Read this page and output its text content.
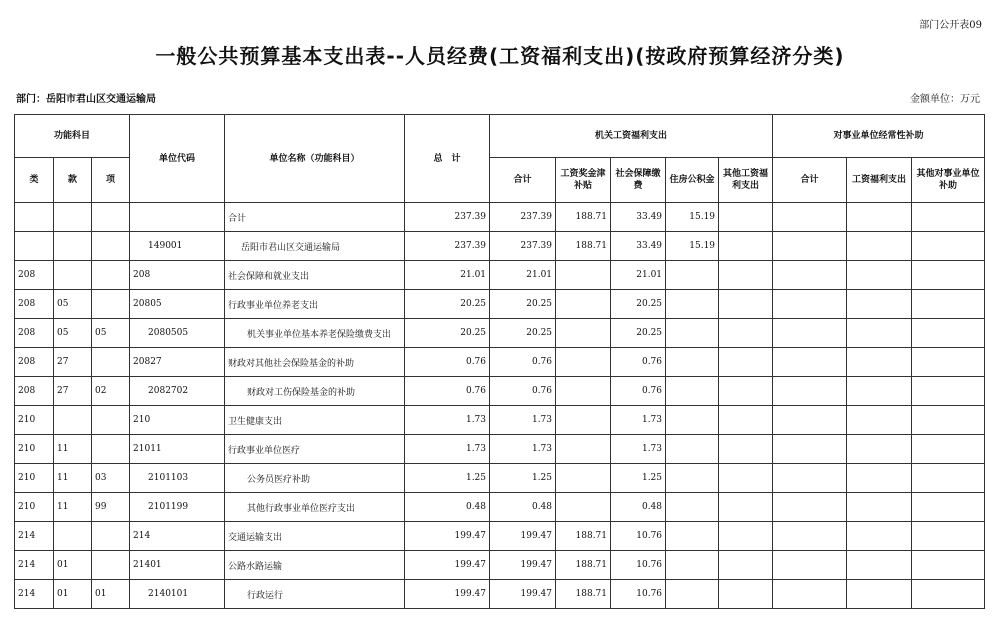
部门公开表09
一般公共预算基本支出表--人员经费(工资福利支出)(按政府预算经济分类)
部门：岳阳市君山区交通运输局	金额单位：万元
功能科目			单位代码	单位名称（功能科目）	总　计	机关工资福利支出					对事业单位经常性补助		
类	款	项				合计	工资奖金津补贴	社会保障缴费	住房公积金	其他工资福利支出	合计	工资福利支出	其他对事业单位补助
				合计	237.39	237.39	188.71	33.49	15.19				
			149001	岳阳市君山区交通运输局	237.39	237.39	188.71	33.49	15.19				
208			208	社会保障和就业支出	21.01	21.01		21.01					
208	05		20805	行政事业单位养老支出	20.25	20.25		20.25					
208	05	05	2080505	机关事业单位基本养老保险缴费支出	20.25	20.25		20.25					
208	27		20827	财政对其他社会保险基金的补助	0.76	0.76		0.76					
208	27	02	2082702	财政对工伤保险基金的补助	0.76	0.76		0.76					
210			210	卫生健康支出	1.73	1.73		1.73					
210	11		21011	行政事业单位医疗	1.73	1.73		1.73					
210	11	03	2101103	公务员医疗补助	1.25	1.25		1.25					
210	11	99	2101199	其他行政事业单位医疗支出	0.48	0.48		0.48					
214			214	交通运输支出	199.47	199.47	188.71	10.76					
214	01		21401	公路水路运输	199.47	199.47	188.71	10.76					
214	01	01	2140101	行政运行	199.47	199.47	188.71	10.76					
